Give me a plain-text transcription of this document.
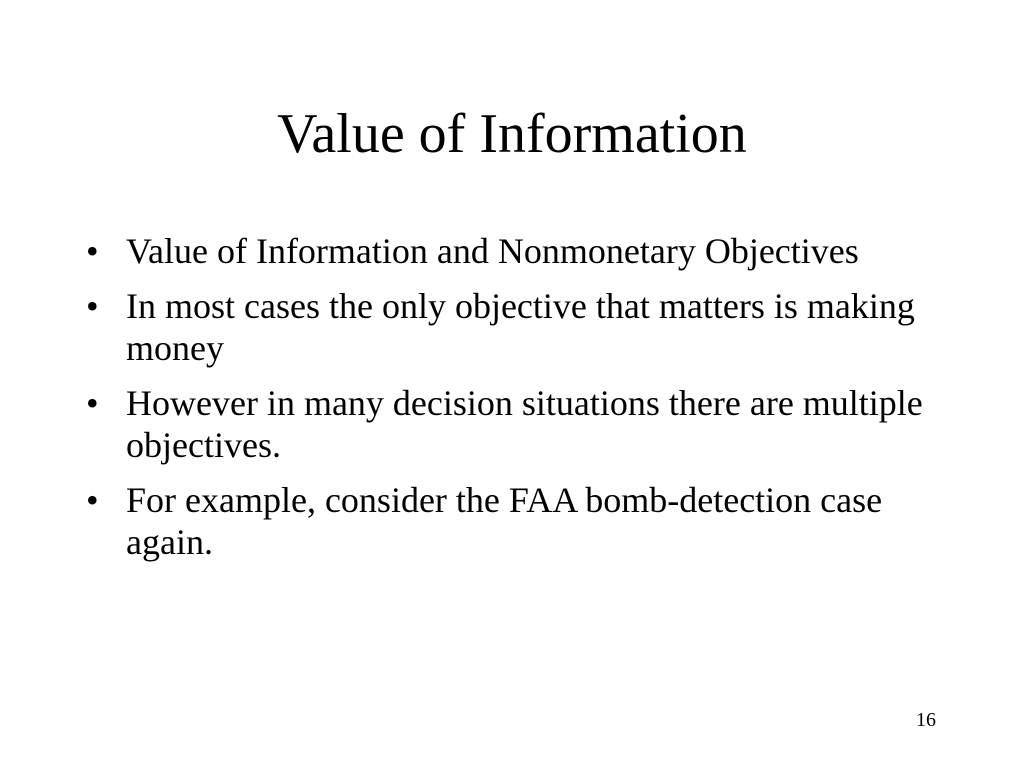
Value of Information
• Value of Information and Nonmonetary Objectives
• In most cases the only objective that matters is making money
• However in many decision situations there are multiple objectives.
• For example, consider the FAA bomb-detection case again.
16
